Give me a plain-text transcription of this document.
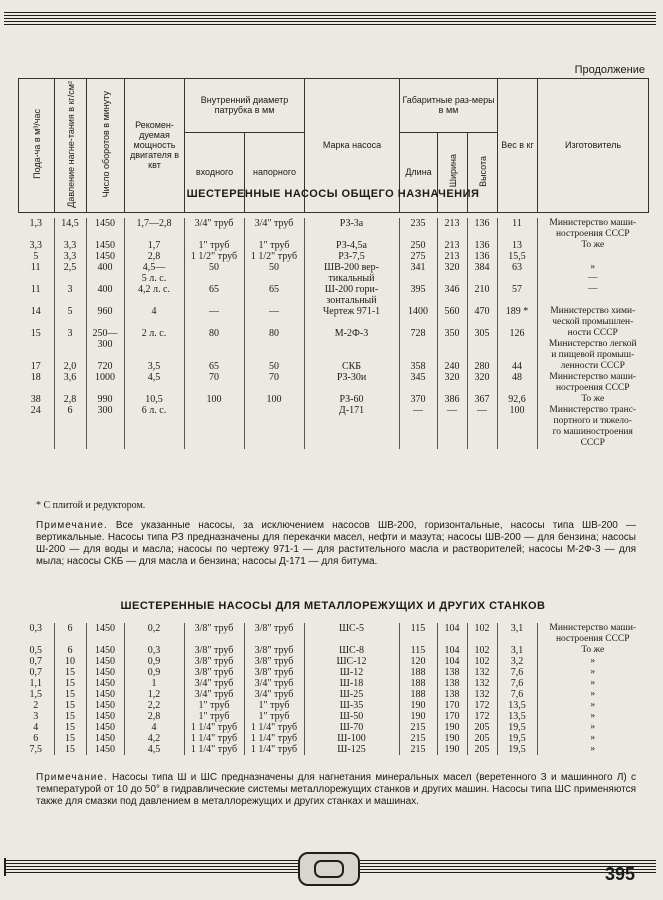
Продолжение
Пода-ча в м³/час	Давление нагне-тания в кг/см²	Число оборотов в минуту	Рекомен-дуемая мощность двигателя в квт	Внутренний диаметр патрубка в мм		Марка насоса	Габаритные раз-меры в мм			Вес в кг	Изготовитель
				входного	напорного		Длина	Ширина	Высота		
ШЕСТЕРЕННЫЕ НАСОСЫ ОБЩЕГО НАЗНАЧЕНИЯ
1,3	14,5	1450	1,7—2,8	3/4" труб	3/4" труб	РЗ-3а	235	213	136	11	Министерство маши-
											ностроения СССР
3,3	3,3	1450	1,7	1" труб	1" труб	РЗ-4,5а	250	213	136	13	То же
5	3,3	1450	2,8	1 1/2" труб	1 1/2" труб	РЗ-7,5	275	213	136	15,5	
11	2,5	400	4,5—	50	50	ШВ-200 вер-	341	320	384	63	»
			5 л. с.			тикальный					—
11	3	400	4,2 л. с.	65	65	Ш-200 гори-	395	346	210	57	—
						зонтальный					
14	5	960	4	—	—	Чертеж 971-1	1400	560	470	189 *	Министерство хими-
											ческой промышлен-
15	3	250—	2 л. с.	80	80	М-2Ф-3	728	350	305	126	ности СССР
		300									Министерство легкой
											и пищевой промыш-
17	2,0	720	3,5	65	50	СКБ	358	240	280	44	ленности СССР
18	3,6	1000	4,5	70	70	РЗ-30и	345	320	320	48	Министерство маши-
											ностроения СССР
38	2,8	990	10,5	100	100	РЗ-60	370	386	367	92,6	То же
24	6	300	6 л. с.			Д-171	—	—	—	100	Министерство транс-
											портного и тяжело-
											го машиностроения
											СССР
* С плитой и редуктором.
Примечание. Все указанные насосы, за исключением насосов ШВ-200, горизонтальные, насосы типа ШВ-200 — вертикальные. Насосы типа РЗ предназначены для перекачки масел, нефти и мазута; насосы ШВ-200 — для бензина; насосы Ш-200 — для воды и масла; насосы по чертежу 971-1 — для растительного масла и растворителей; насосы М-2Ф-3 — для мыла; насосы СКБ — для масла и бензина; насосы Д-171 — для битума.
ШЕСТЕРЕННЫЕ НАСОСЫ ДЛЯ МЕТАЛЛОРЕЖУЩИХ И ДРУГИХ СТАНКОВ
0,3	6	1450	0,2	3/8" труб	3/8" труб	ШС-5	115	104	102	3,1	Министерство маши-
											ностроения СССР
0,5	6	1450	0,3	3/8" труб	3/8" труб	ШС-8	115	104	102	3,1	То же
0,7	10	1450	0,9	3/8" труб	3/8" труб	ШС-12	120	104	102	3,2	»
0,7	15	1450	0,9	3/8" труб	3/8" труб	Ш-12	188	138	132	7,6	»
1,1	15	1450	1	3/4" труб	3/4" труб	Ш-18	188	138	132	7,6	»
1,5	15	1450	1,2	3/4" труб	3/4" труб	Ш-25	188	138	132	7,6	»
2	15	1450	2,2	1" труб	1" труб	Ш-35	190	170	172	13,5	»
3	15	1450	2,8	1" труб	1" труб	Ш-50	190	170	172	13,5	»
4	15	1450	4	1 1/4" труб	1 1/4" труб	Ш-70	215	190	205	19,5	»
6	15	1450	4,2	1 1/4" труб	1 1/4" труб	Ш-100	215	190	205	19,5	»
7,5	15	1450	4,5	1 1/4" труб	1 1/4" труб	Ш-125	215	190	205	19,5	»
Примечание. Насосы типа Ш и ШС предназначены для нагнетания минеральных масел (веретенного З и машинного Л) с температурой от 10 до 50° в гидравлические системы металлорежущих станков и других машин. Насосы типа ШС применяются также для смазки под давлением в металлорежущих и других станках и машинах.
395
